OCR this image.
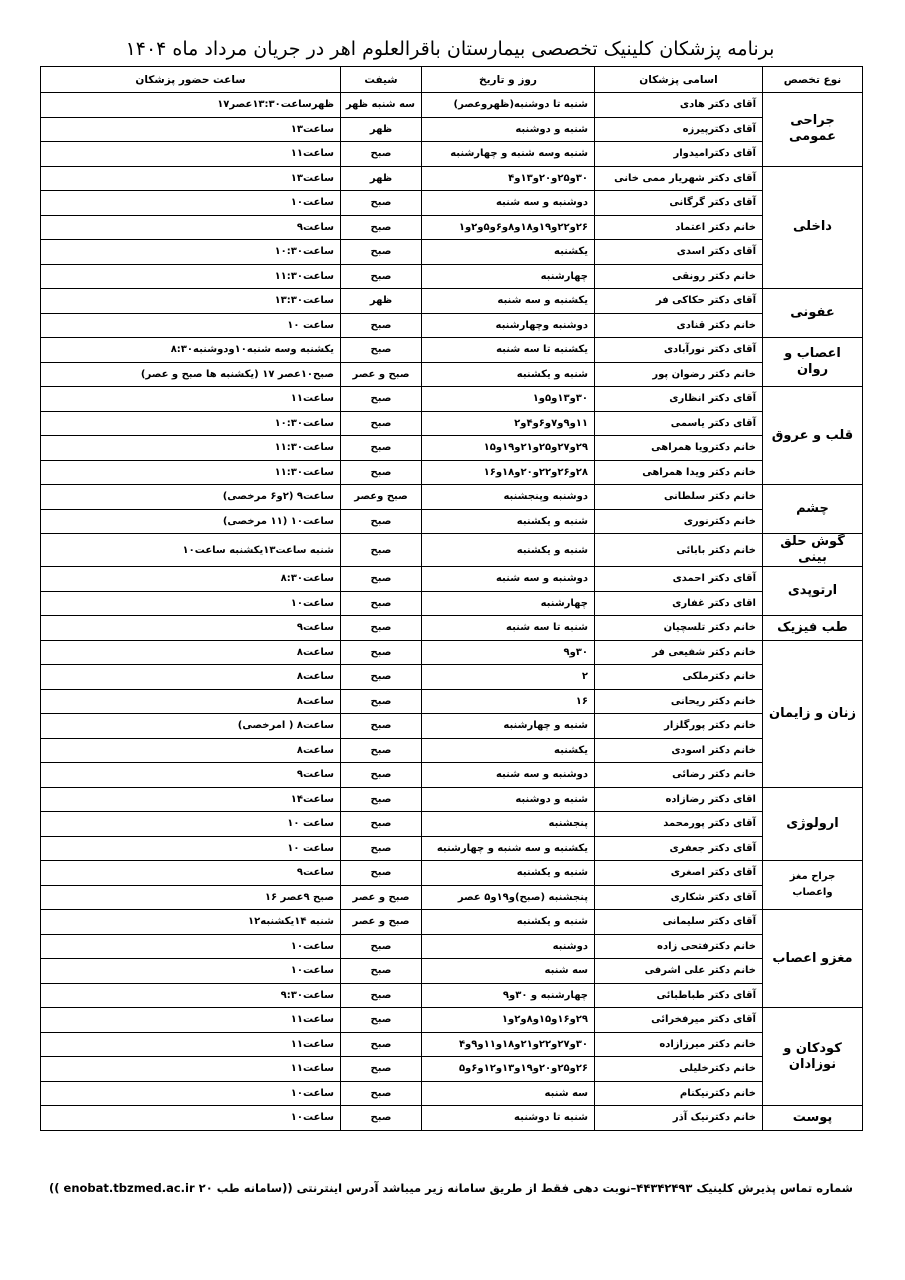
برنامه پزشکان کلینیک تخصصی بیمارستان باقرالعلوم اهر در جریان مرداد ماه ۱۴۰۴
نوع تخصص	اسامی پزشکان	روز و تاریخ	شیفت	ساعت حضور پزشکان
جراحی عمومی	آقای دکتر هادی	شنبه تا دوشنبه(ظهروعصر)	سه شنبه ظهر	ظهرساعت۱۳:۳۰عصر۱۷
	آقای دکترپیرزه	شنبه و دوشنبه	ظهر	ساعت۱۳
	آقای دکترامیدوار	شنبه وسه شنبه و چهارشنبه	صبح	ساعت۱۱
داخلی	آقای دکتر شهریار ممی خانی	۳۰و۲۵و۲۰و۱۳و۴	ظهر	ساعت۱۳
	آقای دکتر گرگانی	دوشنبه و سه شنبه	صبح	ساعت۱۰
	خانم دکتر اعتماد	۲۶و۲۲و۱۹و۱۸و۸و۶و۵و۲و۱	صبح	ساعت۹
	آقای دکتر اسدی	یکشنبه	صبح	ساعت۱۰:۳۰
	خانم دکتر رونقی	چهارشنبه	صبح	ساعت۱۱:۳۰
عفونی	آقای دکتر حکاکی فر	یکشنبه و سه شنبه	ظهر	ساعت۱۳:۳۰
	خانم دکتر قنادی	دوشنبه وچهارشنبه	صبح	ساعت ۱۰
اعصاب و روان	آقای دکتر نورآبادی	یکشنبه تا سه شنبه	صبح	یکشنبه وسه شنبه۱۰ودوشنبه۸:۳۰
	خانم دکتر رضوان پور	شنبه و یکشنبه	صبح و عصر	صبح۱۰عصر ۱۷ (یکشنبه ها صبح و عصر)
قلب و عروق	آقای دکتر انظاری	۳۰و۱۳و۵و۱	صبح	ساعت۱۱
	آقای دکتر یاسمی	۱۱و۹و۷و۶و۴و۲	صبح	ساعت۱۰:۳۰
	خانم دکترویا همراهی	۲۹و۲۷و۲۵و۲۱و۱۹و۱۵	صبح	ساعت۱۱:۳۰
	خانم دکتر ویدا همراهی	۲۸و۲۶و۲۲و۲۰و۱۸و۱۶	صبح	ساعت۱۱:۳۰
چشم	خانم دکتر سلطانی	دوشنبه وپنجشنبه	صبح وعصر	ساعت۹ (۲و۶ مرخصی)
	خانم دکترنوری	شنبه و یکشنبه	صبح	ساعت۱۰ (۱۱ مرخصی)
گوش حلق بینی	خانم دکتر بابائی	شنبه و یکشنبه	صبح	شنبه ساعت۱۳یکشنبه ساعت۱۰
ارتوپدی	آقای دکتر احمدی	دوشنبه و سه شنبه	صبح	ساعت۸:۳۰
	اقای دکتر غفاری	چهارشنبه	صبح	ساعت۱۰
طب فیزیک	خانم دکتر تلسچیان	شنبه تا سه شنبه	صبح	ساعت۹
زنان و زایمان	خانم دکتر شفیعی فر	۳۰و۹	صبح	ساعت۸
	خانم دکترملکی	۲	صبح	ساعت۸
	خانم دکتر ریحانی	۱۶	صبح	ساعت۸
	خانم دکتر پورگلزار	شنبه و چهارشنبه	صبح	ساعت۸ ( امرخصی)
	خانم دکتر اسودی	یکشنبه	صبح	ساعت۸
	خانم دکتر رضائی	دوشنبه و سه شنبه	صبح	ساعت۹
ارولوژی	اقای دکتر رضازاده	شنبه و دوشنبه	صبح	ساعت۱۴
	آقای دکتر پورمحمد	پنجشنبه	صبح	ساعت ۱۰
	آقای دکتر جعفری	یکشنبه و سه شنبه و چهارشنبه	صبح	ساعت ۱۰
جراح مغز واعصاب	آقای دکتر اصغری	شنبه و یکشنبه	صبح	ساعت۹
	آقای دکتر شکاری	پنجشنبه (صبح)و۱۹و۵ عصر	صبح و عصر	صبح ۹عصر ۱۶
مغزو اعصاب	آقای دکتر سلیمانی	شنبه و یکشنبه	صبح و عصر	شنبه ۱۴یکشنبه۱۲
	خانم دکترفتحی زاده	دوشنبه	صبح	ساعت۱۰
	خانم دکتر علی اشرفی	سه شنبه	صبح	ساعت۱۰
	آقای دکتر طباطبائی	چهارشنبه و ۳۰و۹	صبح	ساعت۹:۳۰
کودکان و نوزادان	آقای دکتر میرفخرائی	۲۹و۱۶و۱۵و۸و۲و۱	صبح	ساعت۱۱
	خانم دکتر میرزازاده	۳۰و۲۷و۲۲و۲۱و۱۸و۱۱و۹و۴	صبح	ساعت۱۱
	خانم دکترخلیلی	۲۶و۲۵و۲۰و۱۹و۱۳و۱۲و۶و۵	صبح	ساعت۱۱
	خانم دکترنیکنام	سه شنبه	صبح	ساعت۱۰
پوست	خانم دکترنیک آذر	شنبه تا دوشنبه	صبح	ساعت۱۰

شماره تماس پذیرش کلینیک ۴۴۳۴۲۴۹۳–نوبت دهی فقط از طریق سامانه زیر میباشد آدرس اینترنتی ((سامانه طب ۲۰ enobat.tbzmed.ac.ir ))
